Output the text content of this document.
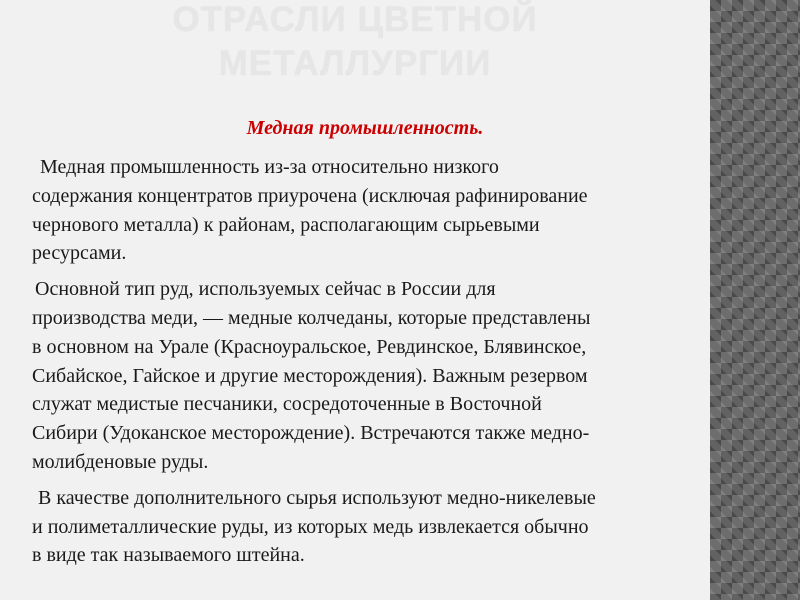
ОТРАСЛИ ЦВЕТНОЙ
МЕТАЛЛУРГИИ
Медная промышленность.
Медная промышленность из-за относительно низкого
содержания концентратов приурочена (исключая рафинирование
чернового металла) к районам, располагающим сырьевыми
ресурсами.
Основной тип руд, используемых сейчас в России для
производства меди, — медные колчеданы, которые представлены
в основном на Урале (Красноуральское, Ревдинское, Блявинское,
Сибайское, Гайское и другие месторождения). Важным резервом
служат медистые песчаники, сосредоточенные в Восточной
Сибири (Удоканское месторождение). Встречаются также медно-
молибденовые руды.
В качестве дополнительного сырья используют медно-никелевые
и полиметаллические руды, из которых медь извлекается обычно
в виде так называемого штейна.
